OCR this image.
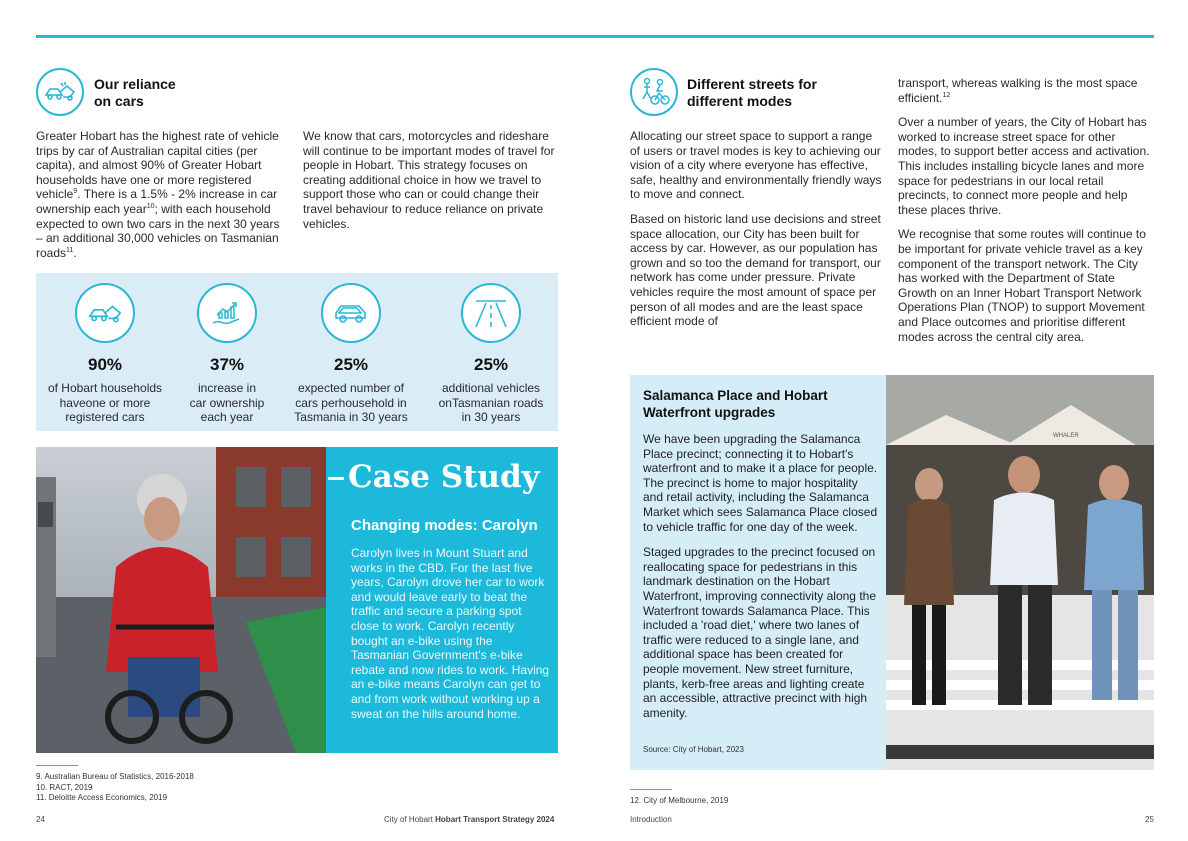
Our reliance
on cars
Greater Hobart has the highest rate of vehicle trips by car of Australian capital cities (per capita), and almost 90% of Greater Hobart households have one or more registered vehicle$^9$. There is a 1.5% - 2% increase in car ownership each year$^{10}$; with each household expected to own two cars in the next 30 years – an additional 30,000 vehicles on Tasmanian roads$^{11}$.
We know that cars, motorcycles and rideshare will continue to be important modes of travel for people in Hobart. This strategy focuses on creating additional choice in how we travel to support those who can or could change their travel behaviour to reduce reliance on private vehicles.
90%
of Hobart households
haveone or more
registered cars
37%
increase in
car ownership
each year
25%
expected number of
cars perhousehold in
Tasmania in 30 years
25%
additional vehicles
onTasmanian roads
in 30 years
Case Study
Changing modes: Carolyn
Carolyn lives in Mount Stuart and works in the CBD. For the last five years, Carolyn drove her car to work and would leave early to beat the traffic and secure a parking spot close to work. Carolyn recently bought an e-bike using the Tasmanian Government's e-bike rebate and now rides to work. Having an e-bike means Carolyn can get to and from work without working up a sweat on the hills around home.
9. Australian Bureau of Statistics, 2016-2018
10. RACT, 2019
11. Deloitte Access Economics, 2019
24	City of Hobart Hobart Transport Strategy 2024
Different streets for
different modes

Allocating our street space to support a range of users or travel modes is key to achieving our vision of a city where everyone has effective, safe, healthy and environmentally friendly ways to move and connect.

Based on historic land use decisions and street space allocation, our City has been built for access by car. However, as our population has grown and so too the demand for transport, our network has come under pressure. Private vehicles require the most amount of space per person of all modes and are the least space efficient mode of

transport, whereas walking is the most space efficient.$^{12}$

Over a number of years, the City of Hobart has worked to increase street space for other modes, to support better access and activation. This includes installing bicycle lanes and more space for pedestrians in our local retail precincts, to connect more people and help these places thrive.

We recognise that some routes will continue to be important for private vehicle travel as a key component of the transport network. The City has worked with the Department of State Growth on an Inner Hobart Transport Network Operations Plan (TNOP) to support Movement and Place outcomes and prioritise different modes across the central city area.

Salamanca Place and Hobart Waterfront upgrades

We have been upgrading the Salamanca Place precinct; connecting it to Hobart's waterfront and to make it a place for people. The precinct is home to major hospitality and retail activity, including the Salamanca Market which sees Salamanca Place closed to vehicle traffic for one day of the week.

Staged upgrades to the precinct focused on reallocating space for pedestrians in this landmark destination on the Hobart Waterfront, improving connectivity along the Waterfront towards Salamanca Place. This included a 'road diet,' where two lanes of traffic were reduced to a single lane, and additional space has been created for people movement. New street furniture, plants, kerb-free areas and lighting create an accessible, attractive precinct with high amenity.

Source: City of Hobart, 2023
WHALER
12. City of Melbourne, 2019
Introduction	25
